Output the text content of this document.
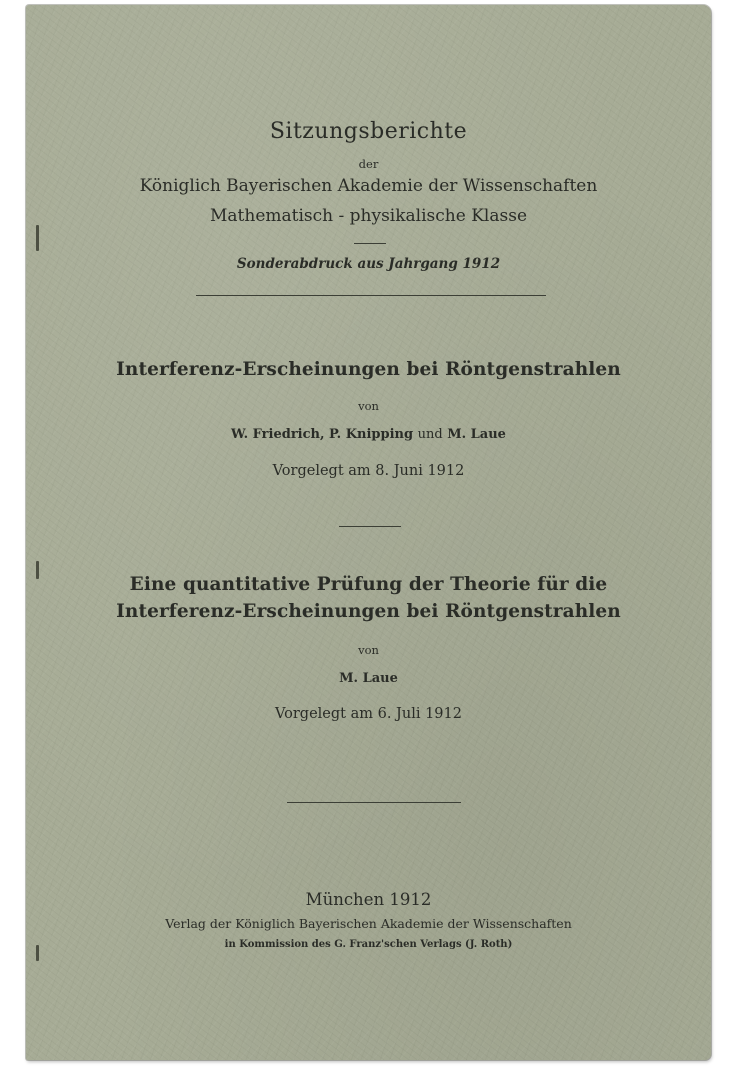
Sitzungsberichte
der
Königlich Bayerischen Akademie der Wissenschaften
Mathematisch - physikalische Klasse
Sonderabdruck aus Jahrgang 1912
Interferenz-Erscheinungen bei Röntgenstrahlen
von
W. Friedrich, P. Knipping und M. Laue
Vorgelegt am 8. Juni 1912
Eine quantitative Prüfung der Theorie für die
Interferenz-Erscheinungen bei Röntgenstrahlen
von
M. Laue
Vorgelegt am 6. Juli 1912
München 1912
Verlag der Königlich Bayerischen Akademie der Wissenschaften
in Kommission des G. Franz'schen Verlags (J. Roth)
